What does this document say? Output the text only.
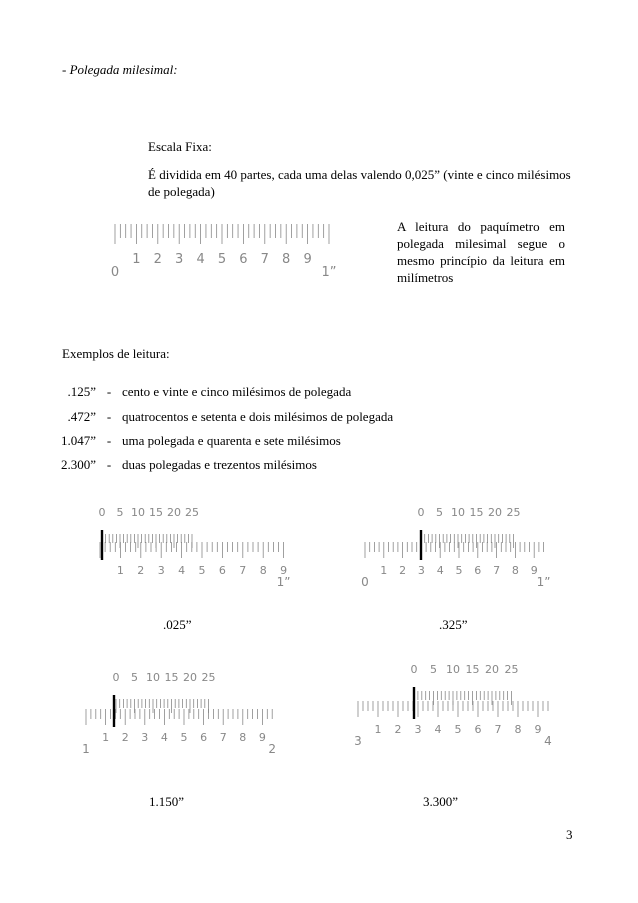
- Polegada milesimal:
Escala Fixa:
É dividida em 40 partes, cada uma delas valendo 0,025” (vinte e cinco milésimos de polegada)
0
1 2 3 4 5 6 7 8 9
1”
A leitura do paquímetro em polegada milesimal segue o mesmo princípio da leitura em milímetros
Exemplos de leitura:
.125” - cento e vinte e cinco milésimos de polegada
.472” - quatrocentos e setenta e dois milésimos de polegada
1.047” - uma polegada e quarenta e sete milésimos
2.300” - duas polegadas e trezentos milésimos
0 5 10 15 20 25
1 2 3 4 5 6 7 8 9
1”
0 5 10 15 20 25
1 2 3 4 5 6 7 8 9
0	1”
0 5 10 15 20 25
1 2 3 4 5 6 7 8 9
1	2
0 5 10 15 20 25
1 2 3 4 5 6 7 8 9
3	4
.025”	.325”
1.150”	3.300”
3
